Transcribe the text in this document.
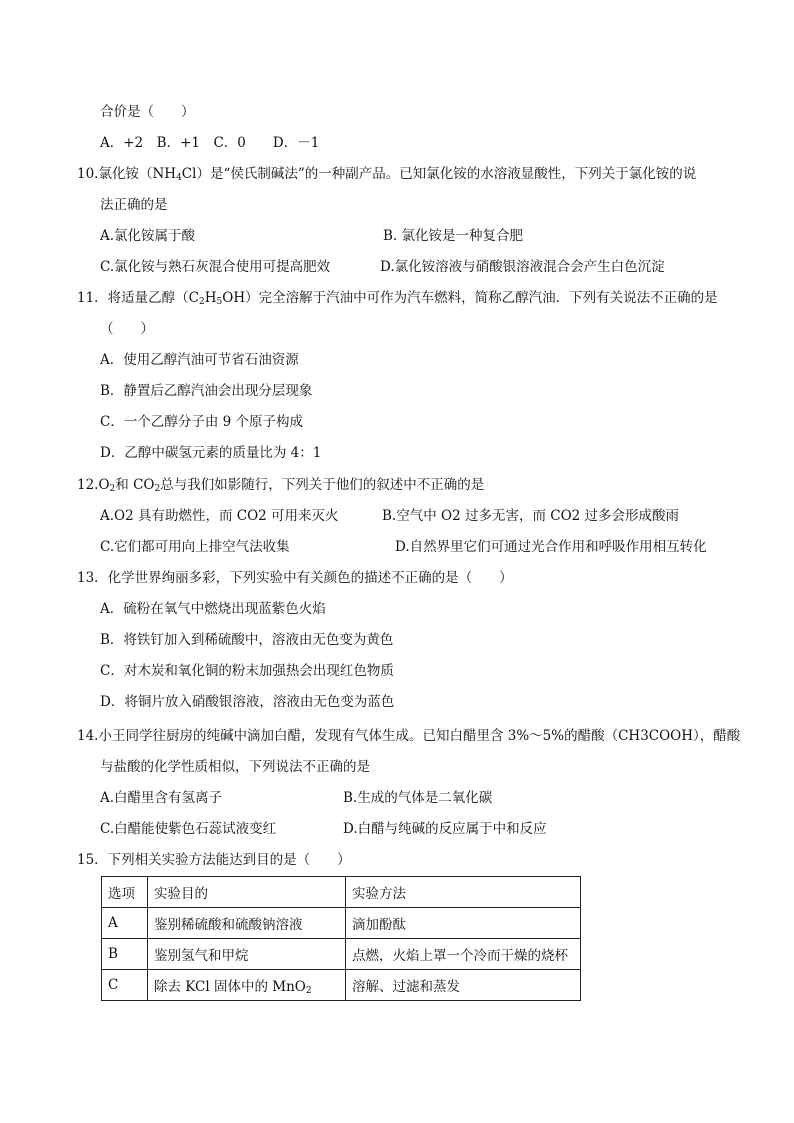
合价是（　　）
A．+2　B．+1　C．0　　D．－1
10.氯化铵$(NH_4Cl)$是“侯氏制碱法”的一种副产品。已知氯化铵的水溶液显酸性，下列关于氯化铵的说
法正确的是
A.氯化铵属于酸	B. 氯化铵是一种复合肥
C.氯化铵与熟石灰混合使用可提高肥效	D.氯化铵溶液与硝酸银溶液混合会产生白色沉淀
11．将适量乙醇$(C_2H_5OH)$完全溶解于汽油中可作为汽车燃料，简称乙醇汽油．下列有关说法不正确的是
（　　）
A．使用乙醇汽油可节省石油资源
B．静置后乙醇汽油会出现分层现象
C．一个乙醇分子由 9 个原子构成
D．乙醇中碳氢元素的质量比为 4：1
$12.O_2$和 $CO_2$总与我们如影随行，下列关于他们的叙述中不正确的是
A.O2 具有助燃性，而 CO2 可用来灭火	B.空气中 O2 过多无害，而 CO2 过多会形成酸雨
C.它们都可用向上排空气法收集	D.自然界里它们可通过光合作用和呼吸作用相互转化
13．化学世界绚丽多彩，下列实验中有关颜色的描述不正确的是（　　）
A．硫粉在氧气中燃烧出现蓝紫色火焰
B．将铁钉加入到稀硫酸中，溶液由无色变为黄色
C．对木炭和氧化铜的粉末加强热会出现红色物质
D．将铜片放入硝酸银溶液，溶液由无色变为蓝色
14.小王同学往厨房的纯碱中滴加白醋，发现有气体生成。已知白醋里含 3%～5%的醋酸（CH3COOH），醋酸
与盐酸的化学性质相似，下列说法不正确的是
A.白醋里含有氢离子	B.生成的气体是二氧化碳
C.白醋能使紫色石蕊试液变红	D.白醋与纯碱的反应属于中和反应
15．下列相关实验方法能达到目的是（　　）
选项	实验目的	实验方法
A	鉴别稀硫酸和硫酸钠溶液	滴加酚酞
B	鉴别氢气和甲烷	点燃，火焰上罩一个冷而干燥的烧杯
C	除去 KCl 固体中的 MnO$_2$	溶解、过滤和蒸发
